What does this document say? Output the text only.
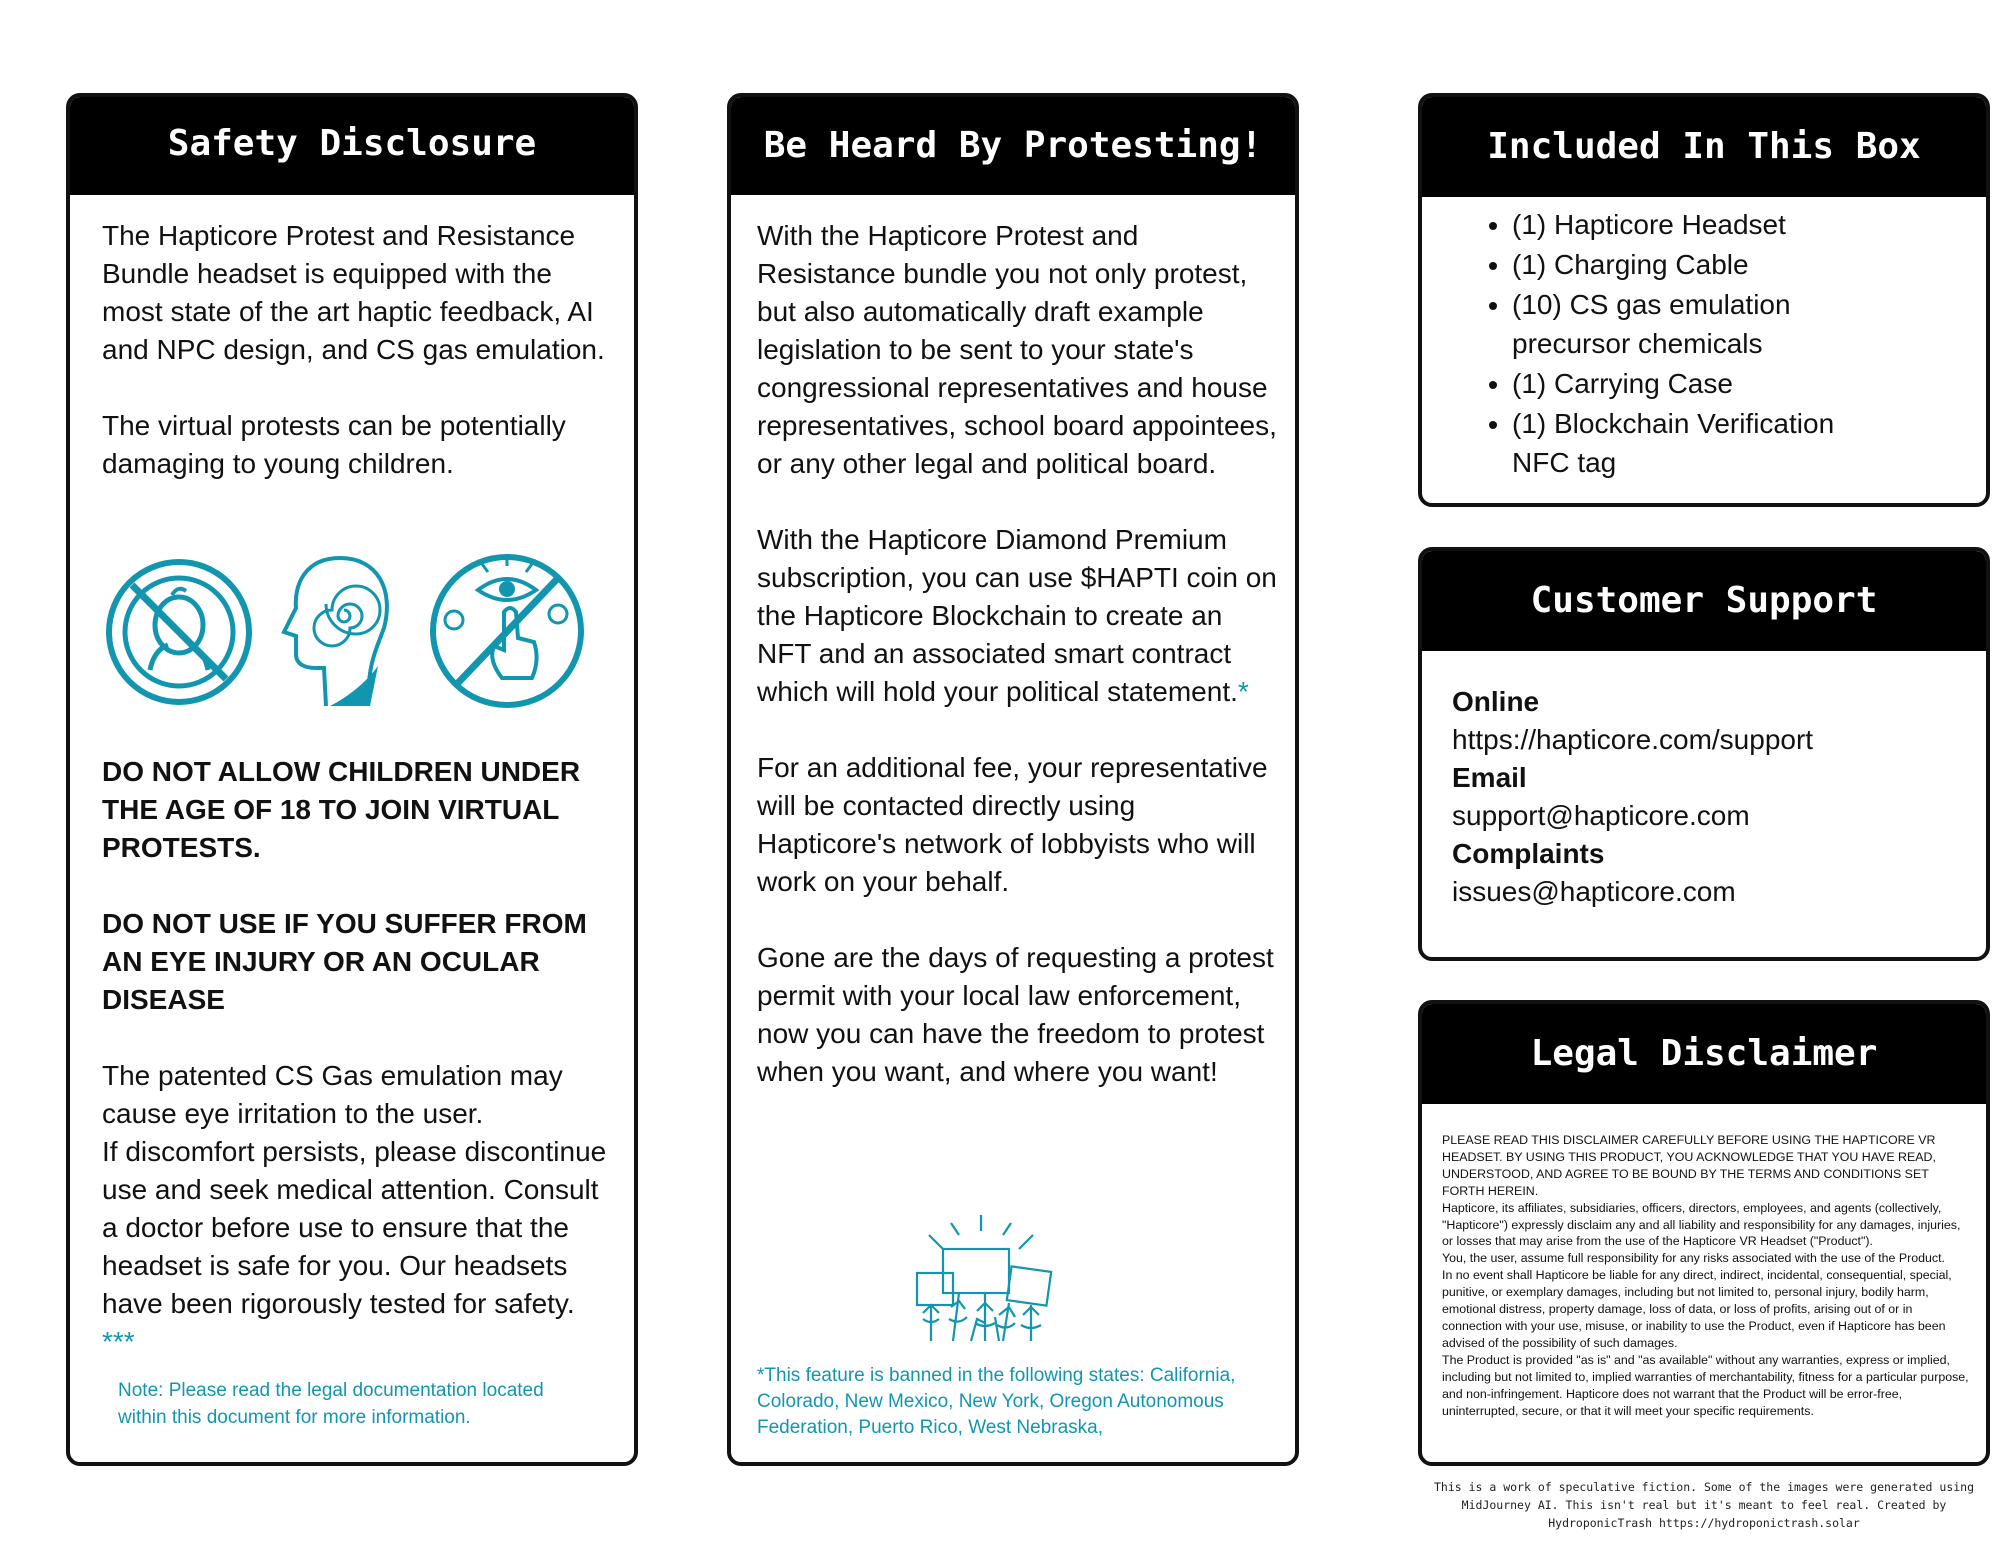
Safety Disclosure

The Hapticore Protest and Resistance Bundle headset is equipped with the most state of the art haptic feedback, AI and NPC design, and CS gas emulation.

The virtual protests can be potentially damaging to young children.

DO NOT ALLOW CHILDREN UNDER THE AGE OF 18 TO JOIN VIRTUAL PROTESTS.

DO NOT USE IF YOU SUFFER FROM AN EYE INJURY OR AN OCULAR DISEASE

The patented CS Gas emulation may cause eye irritation to the user.
If discomfort persists, please discontinue use and seek medical attention. Consult a doctor before use to ensure that the headset is safe for you. Our headsets have been rigorously tested for safety. ***

Note: Please read the legal documentation located within this document for more information.
Be Heard By Protesting!

With the Hapticore Protest and Resistance bundle you not only protest, but also automatically draft example legislation to be sent to your state's congressional representatives and house representatives, school board appointees, or any other legal and political board.

With the Hapticore Diamond Premium subscription, you can use $HAPTI coin on the Hapticore Blockchain to create an NFT and an associated smart contract which will hold your political statement.*

For an additional fee, your representative will be contacted directly using Hapticore's network of lobbyists who will work on your behalf.

Gone are the days of requesting a protest permit with your local law enforcement, now you can have the freedom to protest when you want, and where you want!

*This feature is banned in the following states: California, Colorado, New Mexico, New York, Oregon Autonomous Federation, Puerto Rico, West Nebraska,
Included In This Box
• (1) Hapticore Headset
• (1) Charging Cable
• (10) CS gas emulation precursor chemicals
• (1) Carrying Case
• (1) Blockchain Verification NFC tag
Customer Support
Online
https://hapticore.com/support
Email
support@hapticore.com
Complaints
issues@hapticore.com
Legal Disclaimer

PLEASE READ THIS DISCLAIMER CAREFULLY BEFORE USING THE HAPTICORE VR HEADSET. BY USING THIS PRODUCT, YOU ACKNOWLEDGE THAT YOU HAVE READ, UNDERSTOOD, AND AGREE TO BE BOUND BY THE TERMS AND CONDITIONS SET FORTH HEREIN.

Hapticore, its affiliates, subsidiaries, officers, directors, employees, and agents (collectively, "Hapticore") expressly disclaim any and all liability and responsibility for any damages, injuries, or losses that may arise from the use of the Hapticore VR Headset ("Product").

You, the user, assume full responsibility for any risks associated with the use of the Product.

In no event shall Hapticore be liable for any direct, indirect, incidental, consequential, special, punitive, or exemplary damages, including but not limited to, personal injury, bodily harm, emotional distress, property damage, loss of data, or loss of profits, arising out of or in connection with your use, misuse, or inability to use the Product, even if Hapticore has been advised of the possibility of such damages.

The Product is provided "as is" and "as available" without any warranties, express or implied, including but not limited to, implied warranties of merchantability, fitness for a particular purpose, and non-infringement. Hapticore does not warrant that the Product will be error-free, uninterrupted, secure, or that it will meet your specific requirements.

This is a work of speculative fiction. Some of the images were generated using MidJourney AI. This isn't real but it's meant to feel real. Created by HydroponicTrash https://hydroponictrash.solar
